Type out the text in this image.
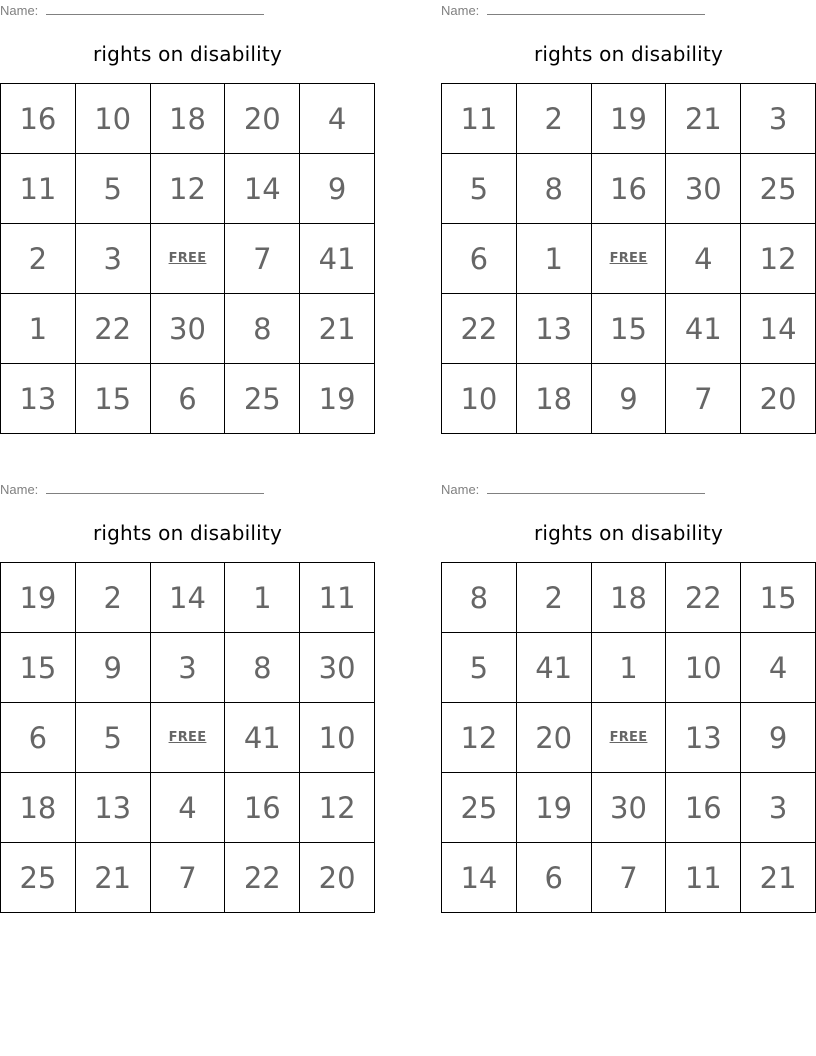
Name:
rights on disability
16	10	18	20	4
11	5	12	14	9
2	3	FREE	7	41
1	22	30	8	21
13	15	6	25	19
Name:
rights on disability
11	2	19	21	3
5	8	16	30	25
6	1	FREE	4	12
22	13	15	41	14
10	18	9	7	20
Name:
rights on disability
19	2	14	1	11
15	9	3	8	30
6	5	FREE	41	10
18	13	4	16	12
25	21	7	22	20
Name:
rights on disability
8	2	18	22	15
5	41	1	10	4
12	20	FREE	13	9
25	19	30	16	3
14	6	7	11	21
